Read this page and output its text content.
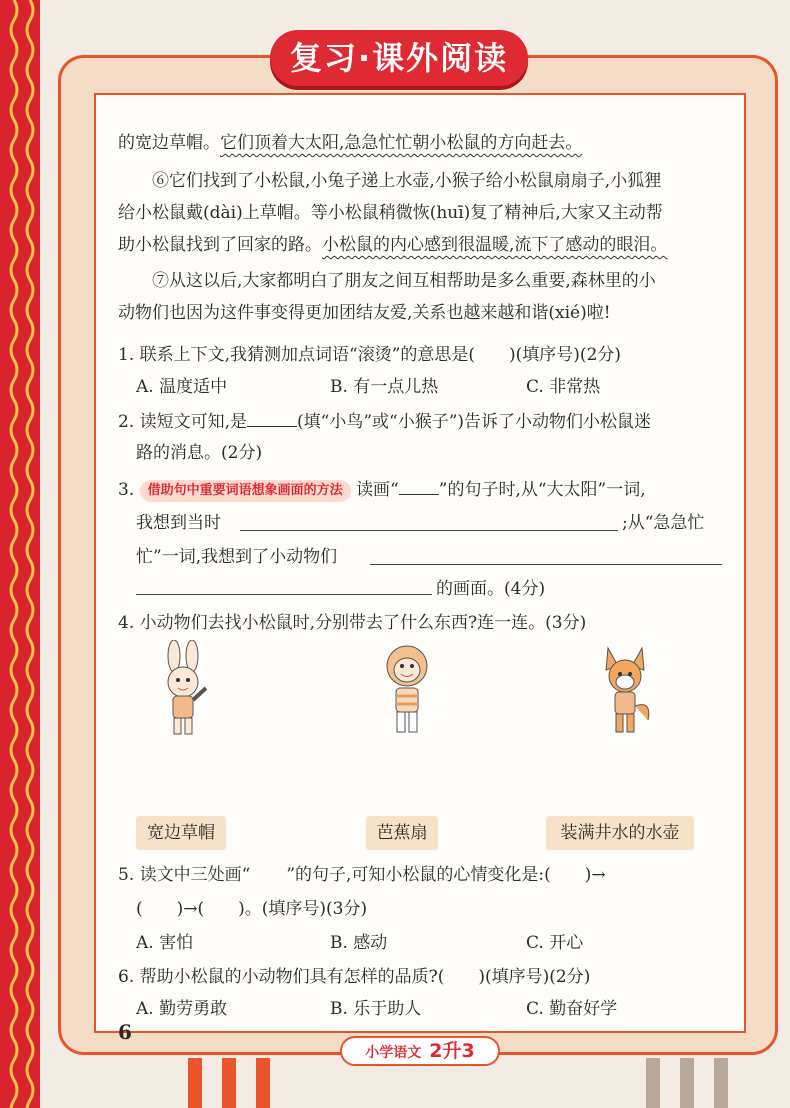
复习·课外阅读
的宽边草帽。它们顶着大太阳,急急忙忙朝小松鼠的方向赶去。
⑥它们找到了小松鼠,小兔子递上水壶,小猴子给小松鼠扇扇子,小狐狸
给小松鼠戴(dài)上草帽。等小松鼠稍微恢(huī)复了精神后,大家又主动帮
助小松鼠找到了回家的路。小松鼠的内心感到很温暖,流下了感动的眼泪。
⑦从这以后,大家都明白了朋友之间互相帮助是多么重要,森林里的小
动物们也因为这件事变得更加团结友爱,关系也越来越和谐(xié)啦!
1. 联系上下文,我猜测加点词语“滚烫”的意思是(　　)(填序号)(2分)
A. 温度适中	B. 有一点儿热	C. 非常热
2. 读短文可知,是	(填“小鸟”或“小猴子”)告诉了小动物们小松鼠迷
路的消息。(2分)
3. 借助句中重要词语想象画面的方法 读画“ ”的句子时,从“大太阳”一词,
我想到当时	;从“急急忙
忙”一词,我想到了小动物们
的画面。(4分)
4. 小动物们去找小松鼠时,分别带去了什么东西?连一连。(3分)
宽边草帽	芭蕉扇	装满井水的水壶
5. 读文中三处画“ ”的句子,可知小松鼠的心情变化是:(　　)→
(　　)→(　　)。(填序号)(3分)
A. 害怕	B. 感动	C. 开心
6. 帮助小松鼠的小动物们具有怎样的品质?(　　)(填序号)(2分)
A. 勤劳勇敢	B. 乐于助人	C. 勤奋好学
6
小学语文 2升3
